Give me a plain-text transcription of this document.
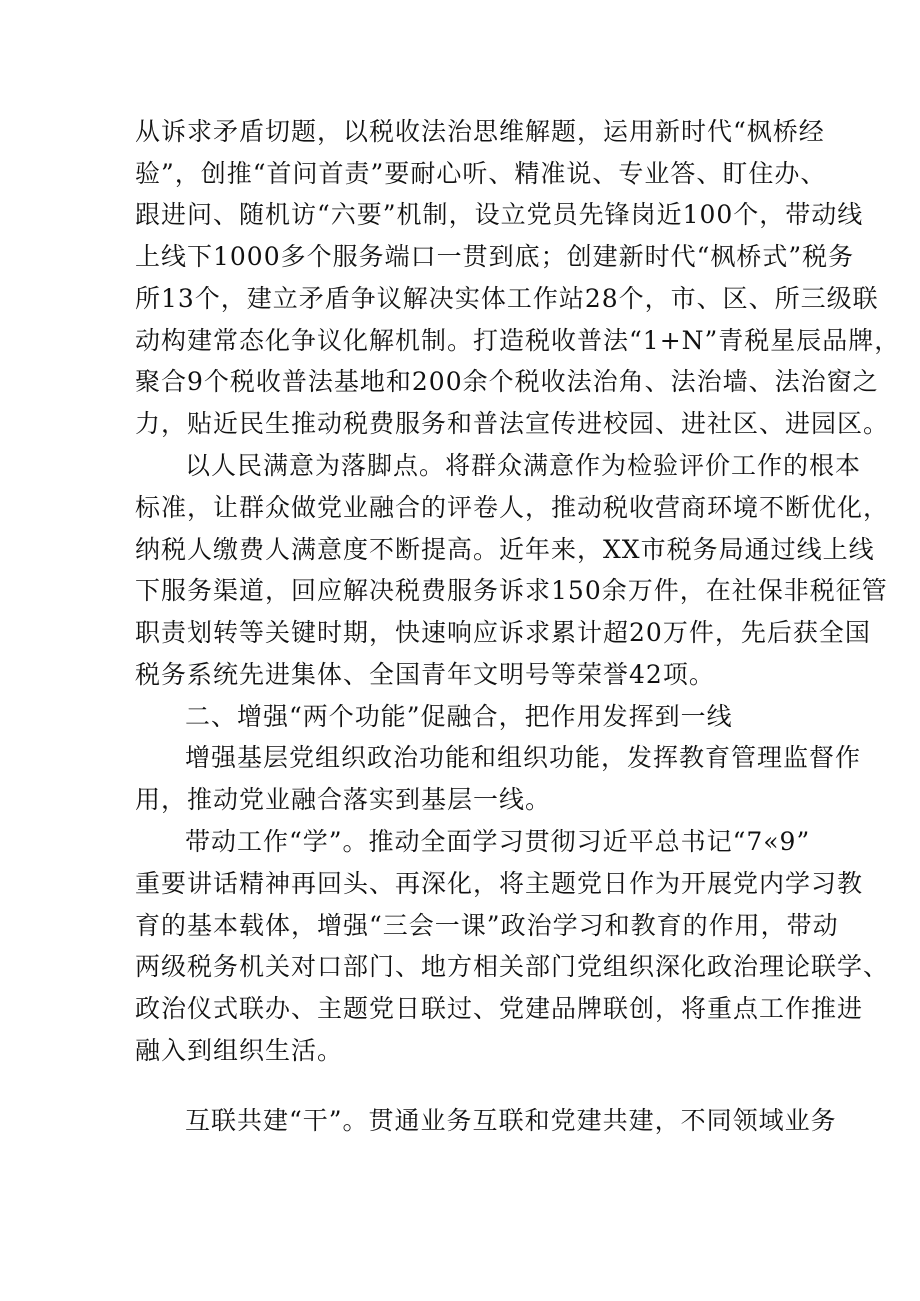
从诉求矛盾切题，以税收法治思维解题，运用新时代“枫桥经

验”，创推“首问首责”要耐心听、精准说、专业答、盯住办、

跟进问、随机访“六要”机制，设立党员先锋岗近100个，带动线

上线下1000多个服务端口一贯到底；创建新时代“枫桥式”税务

所13个，建立矛盾争议解决实体工作站28个，市、区、所三级联

动构建常态化争议化解机制。打造税收普法“1+N”青税星辰品牌，

聚合9个税收普法基地和200余个税收法治角、法治墙、法治窗之

力，贴近民生推动税费服务和普法宣传进校园、进社区、进园区。

以人民满意为落脚点。将群众满意作为检验评价工作的根本

标准，让群众做党业融合的评卷人，推动税收营商环境不断优化，

纳税人缴费人满意度不断提高。近年来，XX市税务局通过线上线

下服务渠道，回应解决税费服务诉求150余万件，在社保非税征管

职责划转等关键时期，快速响应诉求累计超20万件，先后获全国

税务系统先进集体、全国青年文明号等荣誉42项。

二、增强“两个功能”促融合，把作用发挥到一线

增强基层党组织政治功能和组织功能，发挥教育管理监督作

用，推动党业融合落实到基层一线。

带动工作“学”。推动全面学习贯彻习近平总书记“7«9”

重要讲话精神再回头、再深化，将主题党日作为开展党内学习教

育的基本载体，增强“三会一课”政治学习和教育的作用，带动

两级税务机关对口部门、地方相关部门党组织深化政治理论联学、

政治仪式联办、主题党日联过、党建品牌联创，将重点工作推进

融入到组织生活。

互联共建“干”。贯通业务互联和党建共建，不同领域业务
